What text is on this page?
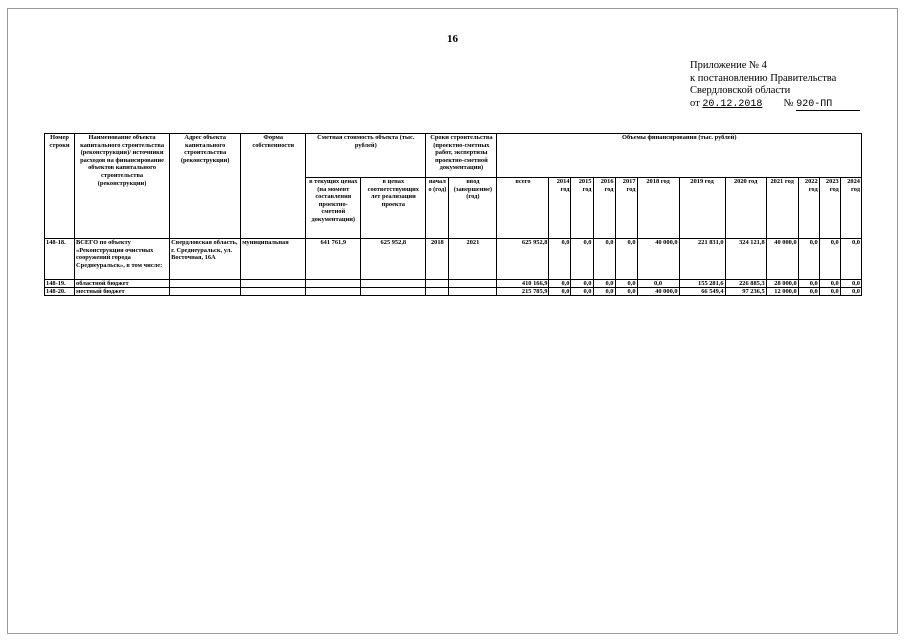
16
Приложение № 4
к постановлению Правительства
Свердловской области
от 20.12.2018 № 920-ПП
Номер строки	Наименование объекта капитального строительства (реконструкции)/ источники расходов на финансирование объектов капитального строительства (реконструкции)	Адрес объекта капитального строительства (реконструкции)	Форма собственности	Сметная стоимость объекта (тыс. рублей)		Сроки строительства (проектно-сметных работ, экспертизы проектно-сметной документации)		Объемы финансирования (тыс. рублей)											
				в текущих ценах (на момент составления проектно-сметной документации)	в ценах соответствующих лет реализации проекта	начало (год)	ввод (завершение) (год)	всего	2014 год	2015 год	2016 год	2017 год	2018 год	2019 год	2020 год	2021 год	2022 год	2023 год	2024 год
148-18.	ВСЕГО по объекту «Реконструкция очистных сооружений города Среднеуральск», в том числе:	Свердловская область, г. Среднеуральск, ул. Восточная, 16А	муниципальная	641 761,9	625 952,8	2018	2021	625 952,8	0,0	0,0	0,0	0,0	40 000,0	221 831,0	324 121,8	40 000,0	0,0	0,0	0,0
148-19.	областной бюджет							410 166,9	0,0	0,0	0,0	0,0	0,0	155 281,6	226 885,3	28 000,0	0,0	0,0	0,0
148-20.	местный бюджет							215 785,9	0,0	0,0	0,0	0,0	40 000,0	66 549,4	97 236,5	12 000,0	0,0	0,0	0,0
